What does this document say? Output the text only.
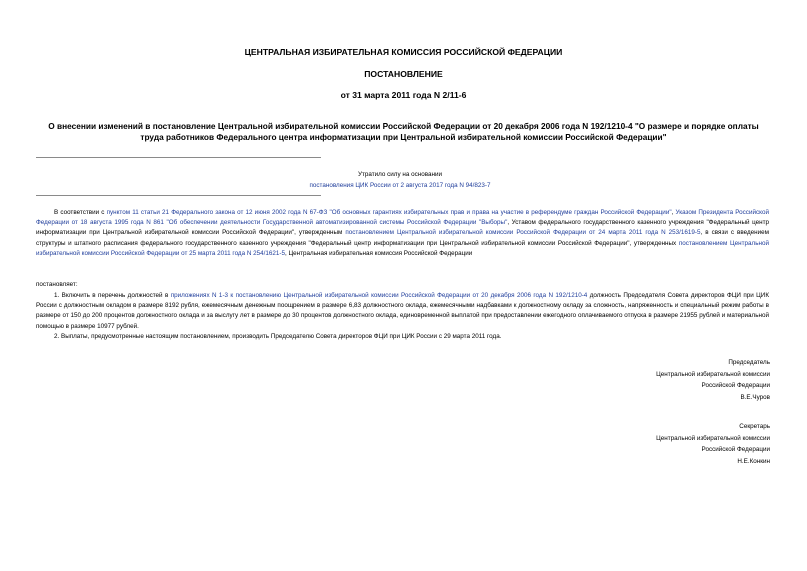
ЦЕНТРАЛЬНАЯ ИЗБИРАТЕЛЬНАЯ КОМИССИЯ РОССИЙСКОЙ ФЕДЕРАЦИИ
ПОСТАНОВЛЕНИЕ
от 31 марта 2011 года N 2/11-6
О внесении изменений в постановление Центральной избирательной комиссии Российской Федерации от 20 декабря 2006 года N 192/1210-4 "О размере и порядке оплаты труда работников Федерального центра информатизации при Центральной избирательной комиссии Российской Федерации"
Утратило силу на основании
постановления ЦИК России от 2 августа 2017 года N 94/823-7

В соответствии с пунктом 11 статьи 21 Федерального закона от 12 июня 2002 года N 67-ФЗ "Об основных гарантиях избирательных прав и права на участие в референдуме граждан Российской Федерации", Указом Президента Российской Федерации от 18 августа 1995 года N 861 "Об обеспечении деятельности Государственной автоматизированной системы Российской Федерации "Выборы", Уставом федерального государственного казенного учреждения "Федеральный центр информатизации при Центральной избирательной комиссии Российской Федерации", утвержденным постановлением Центральной избирательной комиссии Российской Федерации от 24 марта 2011 года N 253/1619-5, в связи с введением структуры и штатного расписания федерального государственного казенного учреждения "Федеральный центр информатизации при Центральной избирательной комиссии Российской Федерации", утвержденных постановлением Центральной избирательной комиссии Российской Федерации от 25 марта 2011 года N 254/1621-5, Центральная избирательная комиссия Российской Федерации

постановляет:

1. Включить в перечень должностей в приложениях N 1-3 к постановлению Центральной избирательной комиссии Российской Федерации от 20 декабря 2006 года N 192/1210-4 должность Председателя Совета директоров ФЦИ при ЦИК России с должностным окладом в размере 8192 рубля, ежемесячным денежным поощрением в размере 6,83 должностного оклада, ежемесячными надбавками к должностному окладу за сложность, напряженность и специальный режим работы в размере от 150 до 200 процентов должностного оклада и за выслугу лет в размере до 30 процентов должностного оклада, единовременной выплатой при предоставлении ежегодного оплачиваемого отпуска в размере 21955 рублей и материальной помощью в размере 10977 рублей.

2. Выплаты, предусмотренные настоящим постановлением, производить Председателю Совета директоров ФЦИ при ЦИК России с 29 марта 2011 года.

Председатель
Центральной избирательной комиссии
Российской Федерации
В.Е.Чуров
Секретарь
Центральной избирательной комиссии
Российской Федерации
Н.Е.Конкин
